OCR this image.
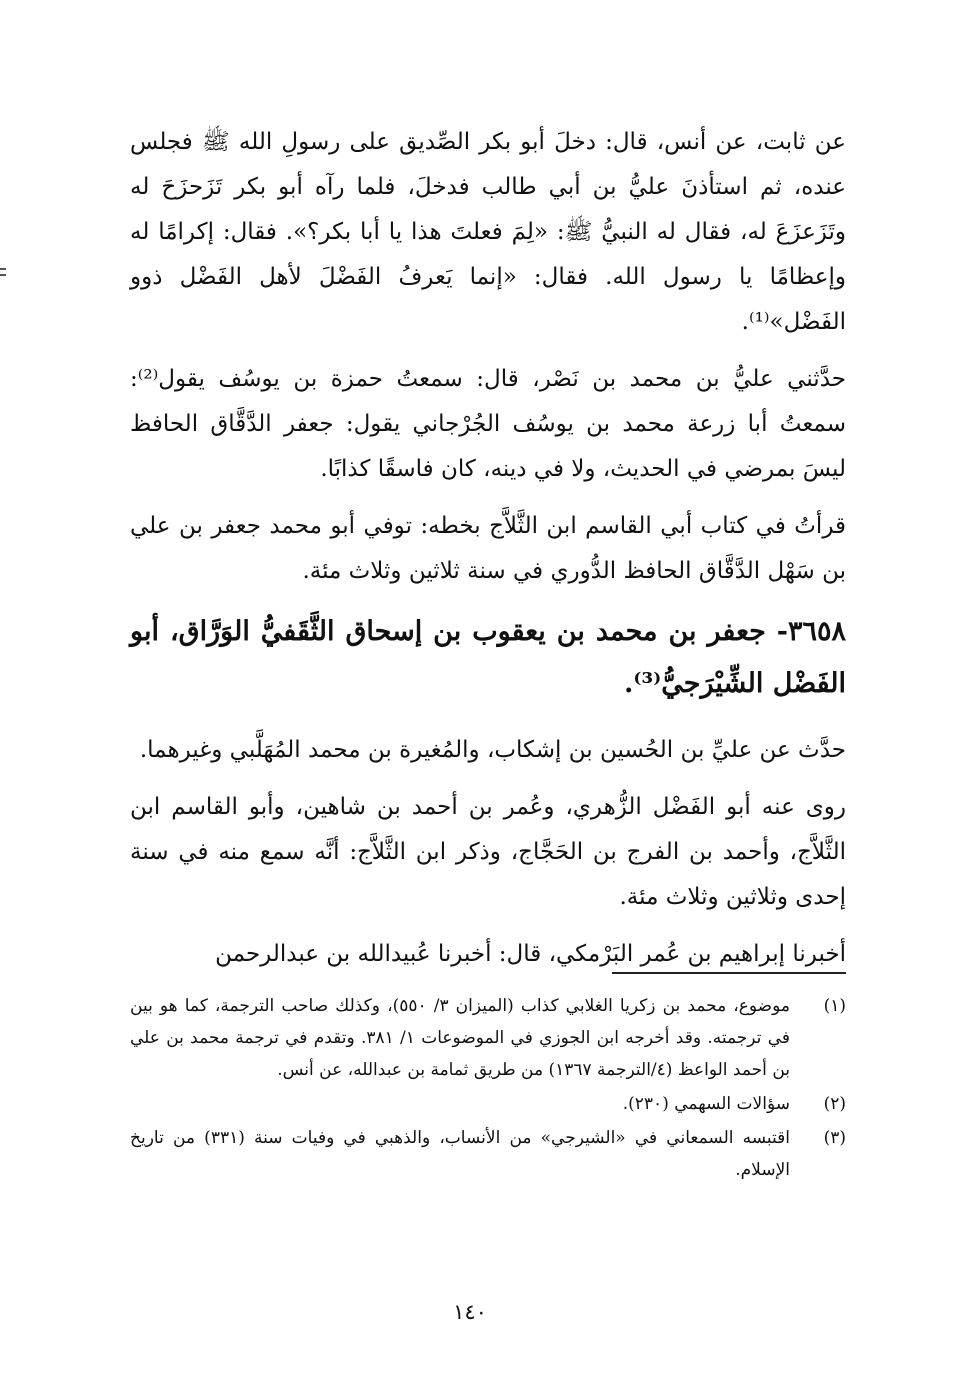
عن ثابت، عن أنس، قال: دخلَ أبو بكر الصِّديق على رسولِ الله ﷺ فجلس عنده، ثم استأذنَ عليُّ بن أبي طالب فدخلَ، فلما رآه أبو بكر تَزَحزَحَ له وتَزَعزَعَ له، فقال له النبيُّ ﷺ: «لِمَ فعلتَ هذا يا أبا بكر؟». فقال: إكرامًا له وإعظامًا يا رسول الله. فقال: «إنما يَعرفُ الفَضْلَ لأهل الفَضْل ذوو الفَضْل»⁽¹⁾.

حدَّثني عليُّ بن محمد بن نَصْر، قال: سمعتُ حمزة بن يوسُف يقول⁽²⁾: سمعتُ أبا زرعة محمد بن يوسُف الجُرْجاني يقول: جعفر الدَّقَّاق الحافظ ليسَ بمرضي في الحديث، ولا في دينه، كان فاسقًا كذابًا.

قرأتُ في كتاب أبي القاسم ابن الثَّلاَّج بخطه: توفي أبو محمد جعفر بن علي بن سَهْل الدَّقَّاق الحافظ الدُّوري في سنة ثلاثين وثلاث مئة.

٣٦٥٨- جعفر بن محمد بن يعقوب بن إسحاق الثَّقَفيُّ الوَرَّاق، أبو الفَضْل الشِّيْرَجيُّ⁽³⁾.

حدَّث عن عليِّ بن الحُسين بن إشكاب، والمُغيرة بن محمد المُهَلَّبي وغيرهما.

روى عنه أبو الفَضْل الزُّهري، وعُمر بن أحمد بن شاهين، وأبو القاسم ابن الثَّلاَّج، وأحمد بن الفرج بن الحَجَّاج، وذكر ابن الثَّلاَّج: أنَّه سمع منه في سنة إحدى وثلاثين وثلاث مئة.

أخبرنا إبراهيم بن عُمر البَرْمكي، قال: أخبرنا عُبيدالله بن عبدالرحمن

(١)
موضوع، محمد بن زكريا الغلابي كذاب (الميزان ٣/ ٥٥٠)، وكذلك صاحب الترجمة، كما هو بين في ترجمته. وقد أخرجه ابن الجوزي في الموضوعات ١/ ٣٨١. وتقدم في ترجمة محمد بن علي بن أحمد الواعظ (٤/الترجمة ١٣٦٧) من طريق ثمامة بن عبدالله، عن أنس.
(٢)
سؤالات السهمي (٢٣٠).
(٣)
اقتبسه السمعاني في «الشيرجي» من الأنساب، والذهبي في وفيات سنة (٣٣١) من تاريخ الإسلام.
١٤٠
